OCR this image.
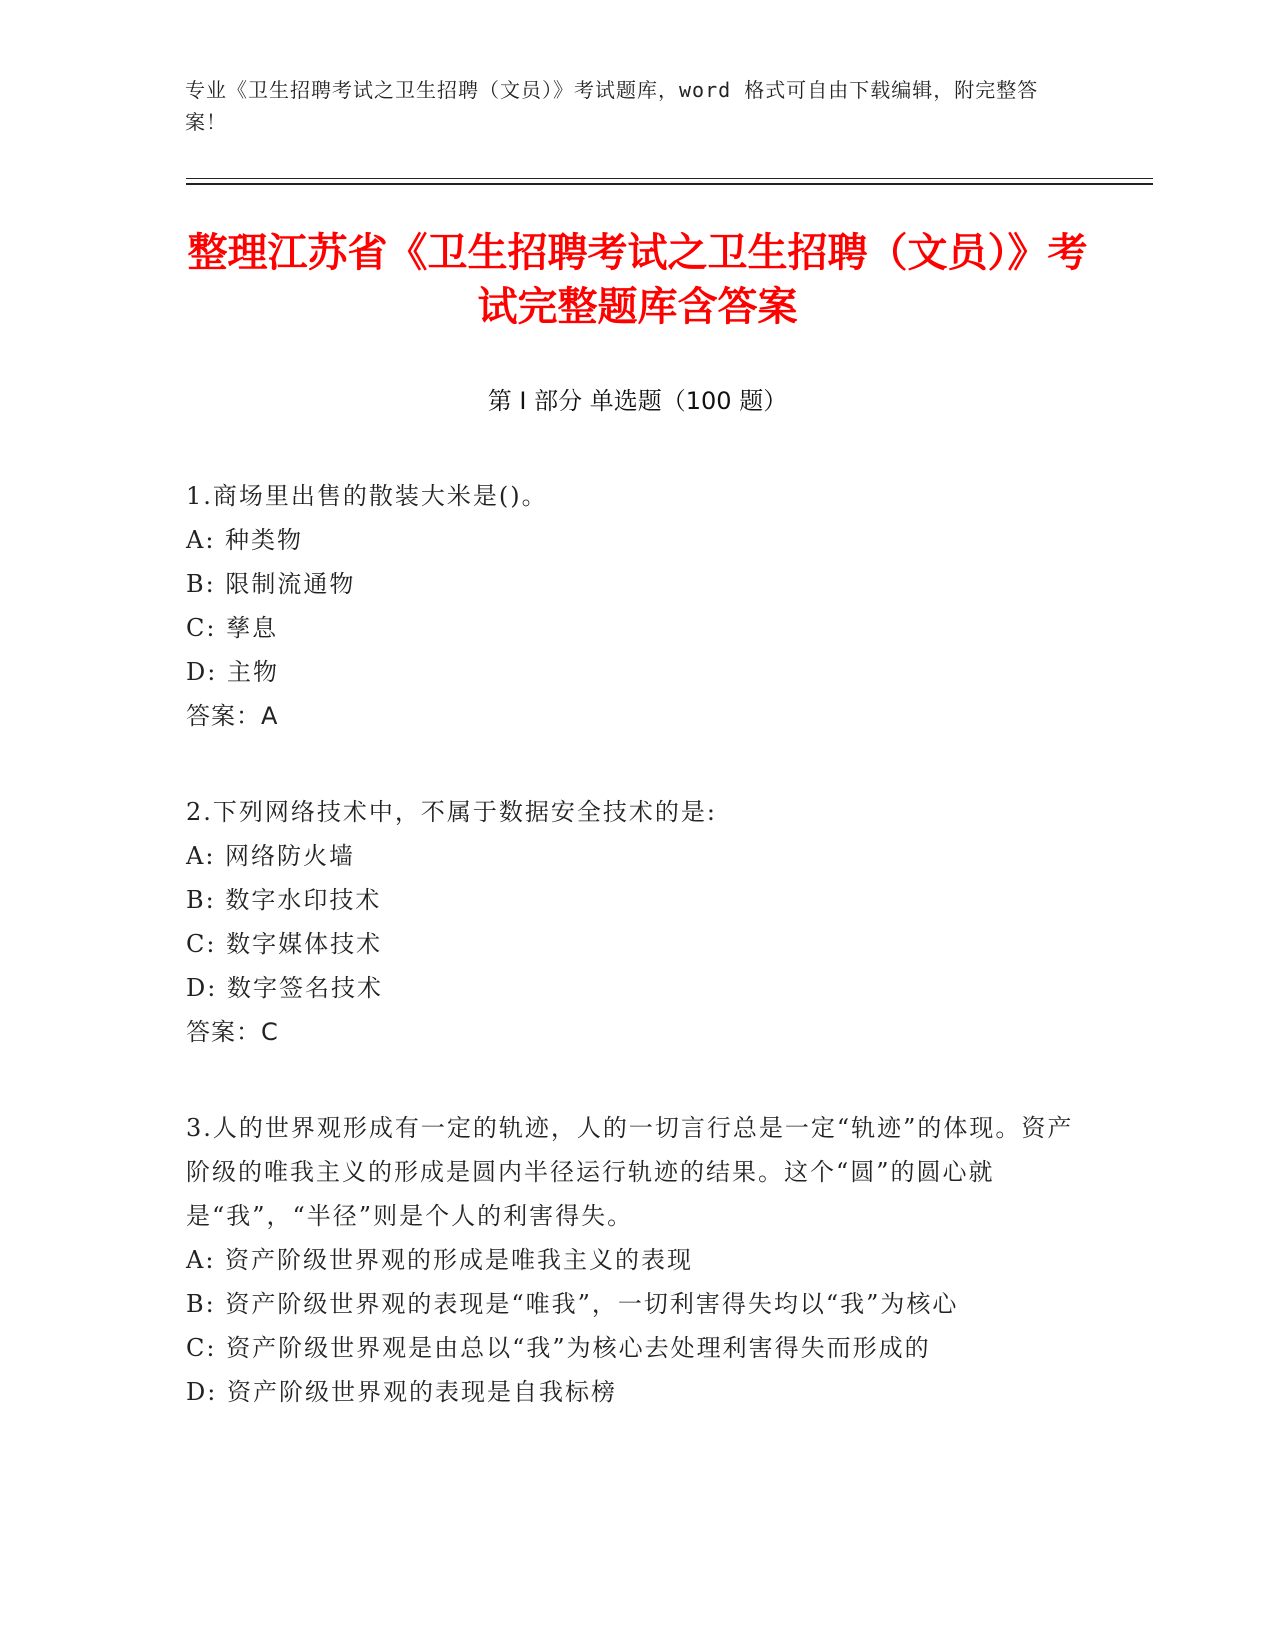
专业《卫生招聘考试之卫生招聘（文员）》考试题库，word 格式可自由下载编辑，附完整答案！
整理江苏省《卫生招聘考试之卫生招聘（文员）》考试完整题库含答案
第 I 部分 单选题（100 题）

1.商场里出售的散装大米是()。

A: 种类物

B: 限制流通物

C: 孳息

D: 主物

答案：A

2.下列网络技术中，不属于数据安全技术的是:

A: 网络防火墙

B: 数字水印技术

C: 数字媒体技术

D: 数字签名技术

答案：C

3.人的世界观形成有一定的轨迹，人的一切言行总是一定“轨迹”的体现。资产阶级的唯我主义的形成是圆内半径运行轨迹的结果。这个“圆”的圆心就是“我”，“半径”则是个人的利害得失。

A: 资产阶级世界观的形成是唯我主义的表现

B: 资产阶级世界观的表现是“唯我”，一切利害得失均以“我”为核心

C: 资产阶级世界观是由总以“我”为核心去处理利害得失而形成的

D: 资产阶级世界观的表现是自我标榜
